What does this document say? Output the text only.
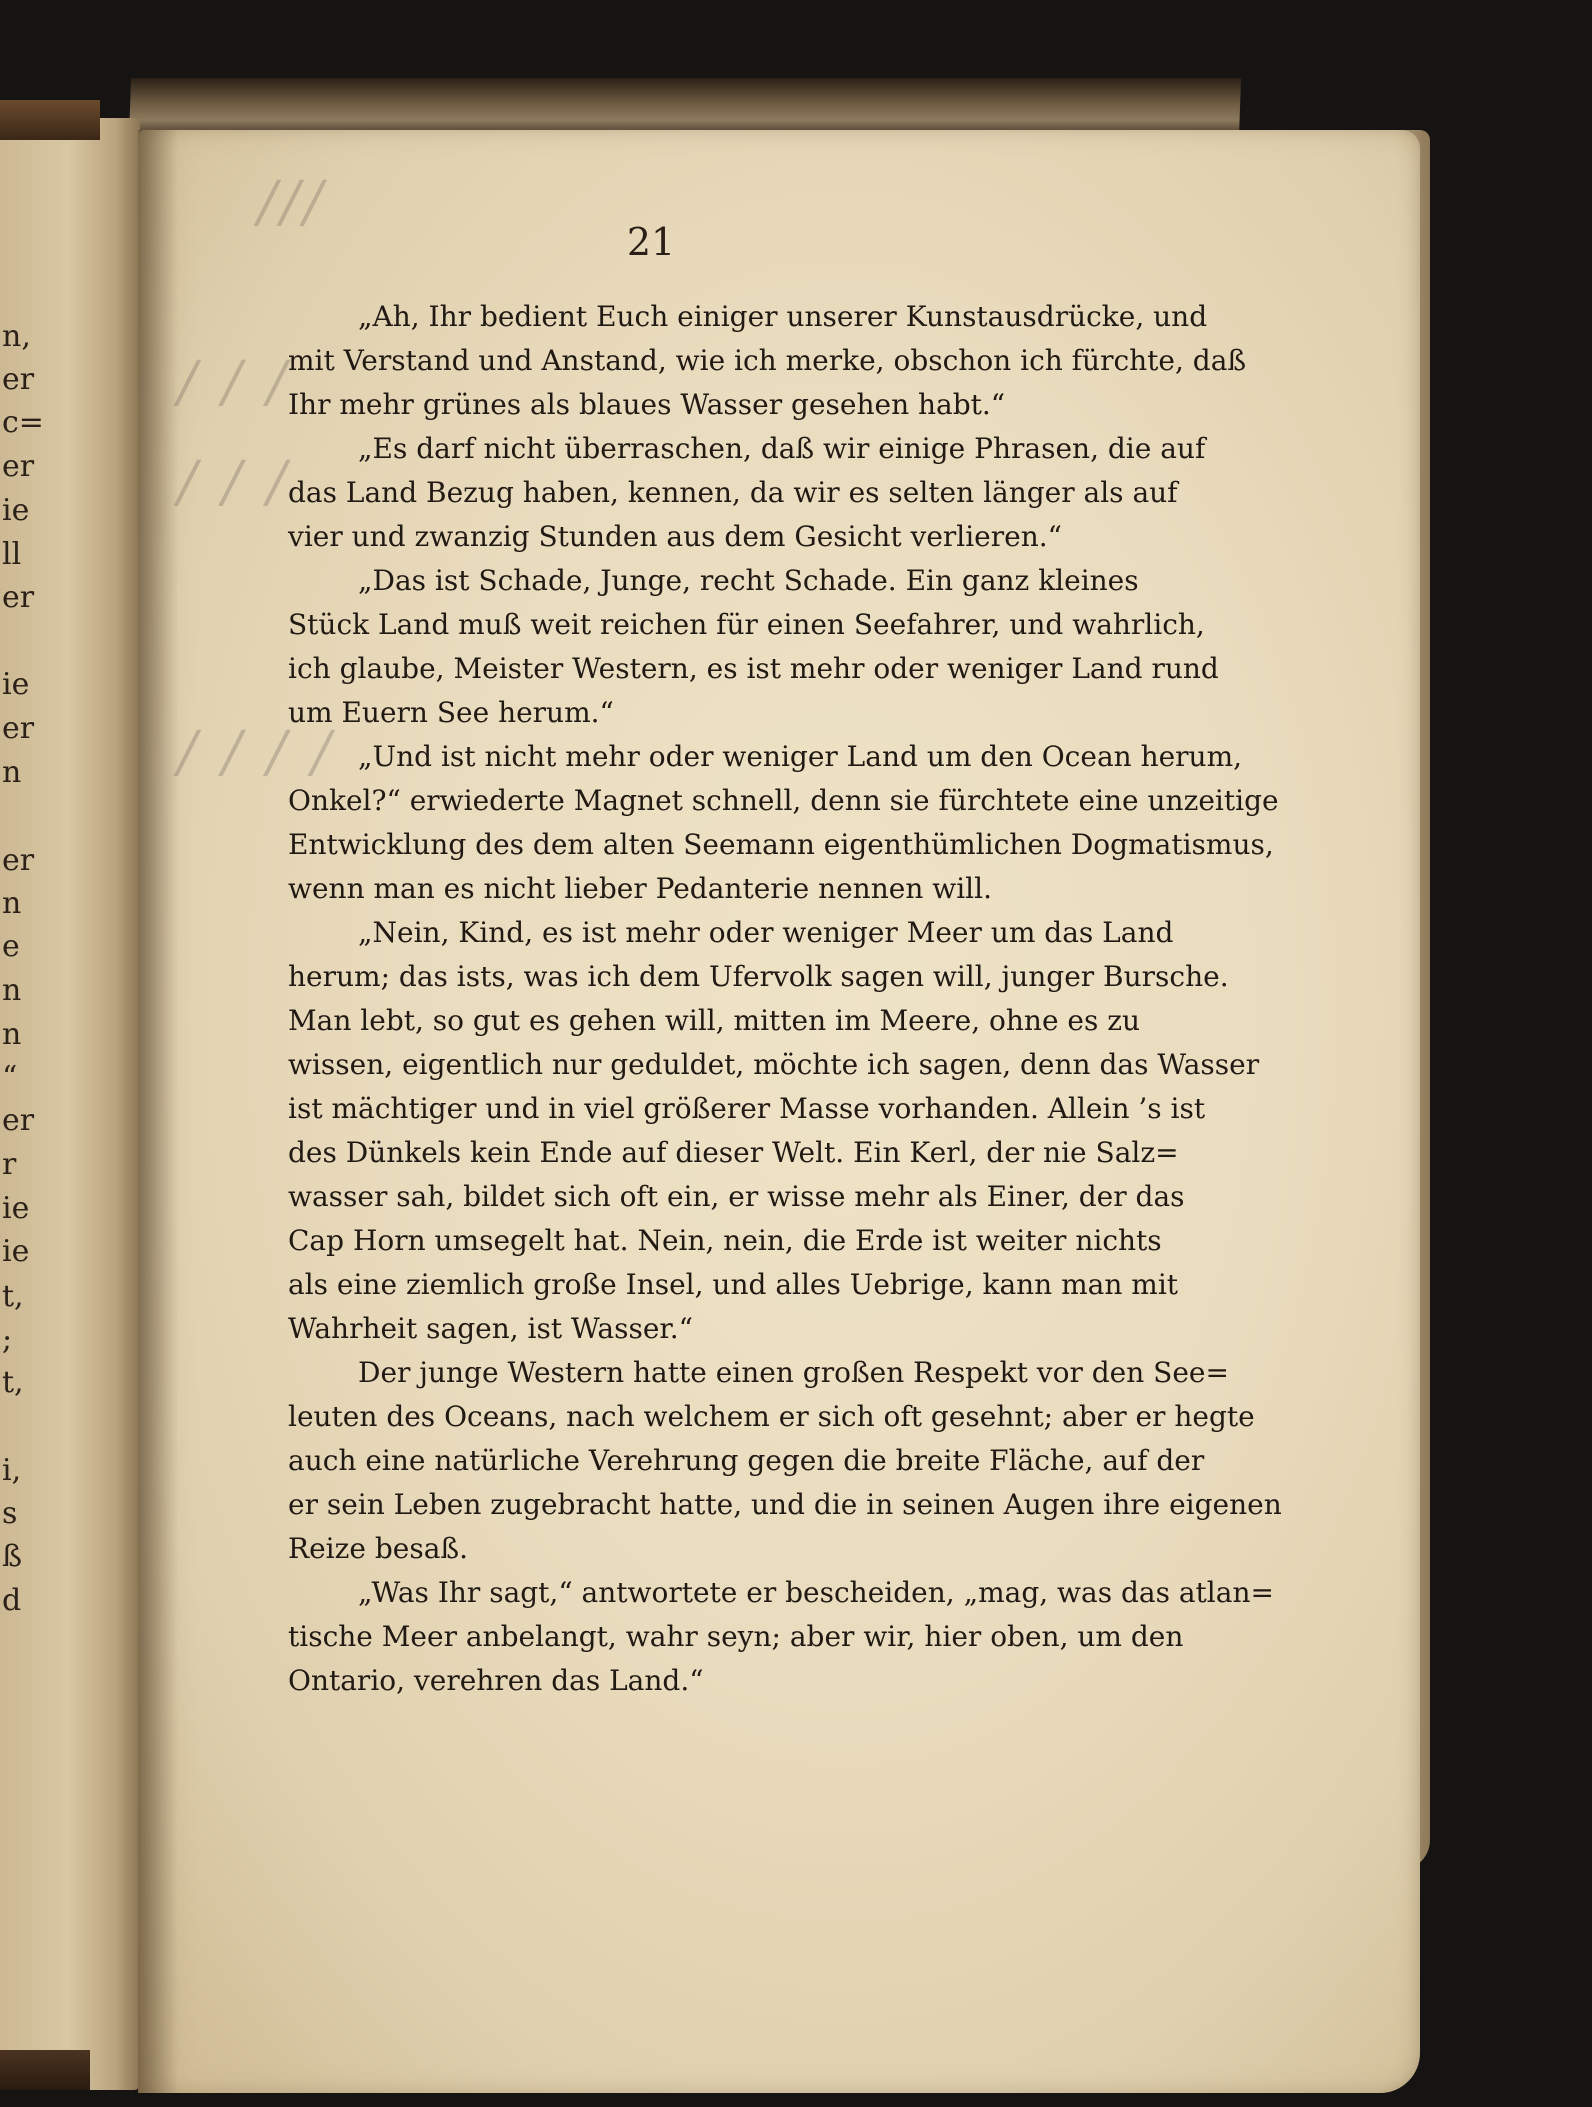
n,
er
c=
er
ie
ll
er
ie
er
n
er
n
e
n
n
“
er
r
ie
ie
t,
;
t,
i,
s
ß
d
///
/ / /
/ / /
/ / / /
21
„Ah, Ihr bedient Euch einiger unserer Kunstausdrücke, und
mit Verstand und Anstand, wie ich merke, obschon ich fürchte, daß
Ihr mehr grünes als blaues Wasser gesehen habt.“
„Es darf nicht überraschen, daß wir einige Phrasen, die auf
das Land Bezug haben, kennen, da wir es selten länger als auf
vier und zwanzig Stunden aus dem Gesicht verlieren.“
„Das ist Schade, Junge, recht Schade. Ein ganz kleines
Stück Land muß weit reichen für einen Seefahrer, und wahrlich,
ich glaube, Meister Western, es ist mehr oder weniger Land rund
um Euern See herum.“
„Und ist nicht mehr oder weniger Land um den Ocean herum,
Onkel?“ erwiederte Magnet schnell, denn sie fürchtete eine unzeitige
Entwicklung des dem alten Seemann eigenthümlichen Dogmatismus,
wenn man es nicht lieber Pedanterie nennen will.
„Nein, Kind, es ist mehr oder weniger Meer um das Land
herum; das ists, was ich dem Ufervolk sagen will, junger Bursche.
Man lebt, so gut es gehen will, mitten im Meere, ohne es zu
wissen, eigentlich nur geduldet, möchte ich sagen, denn das Wasser
ist mächtiger und in viel größerer Masse vorhanden. Allein ’s ist
des Dünkels kein Ende auf dieser Welt. Ein Kerl, der nie Salz=
wasser sah, bildet sich oft ein, er wisse mehr als Einer, der das
Cap Horn umsegelt hat. Nein, nein, die Erde ist weiter nichts
als eine ziemlich große Insel, und alles Uebrige, kann man mit
Wahrheit sagen, ist Wasser.“
Der junge Western hatte einen großen Respekt vor den See=
leuten des Oceans, nach welchem er sich oft gesehnt; aber er hegte
auch eine natürliche Verehrung gegen die breite Fläche, auf der
er sein Leben zugebracht hatte, und die in seinen Augen ihre eigenen
Reize besaß.
„Was Ihr sagt,“ antwortete er bescheiden, „mag, was das atlan=
tische Meer anbelangt, wahr seyn; aber wir, hier oben, um den
Ontario, verehren das Land.“
